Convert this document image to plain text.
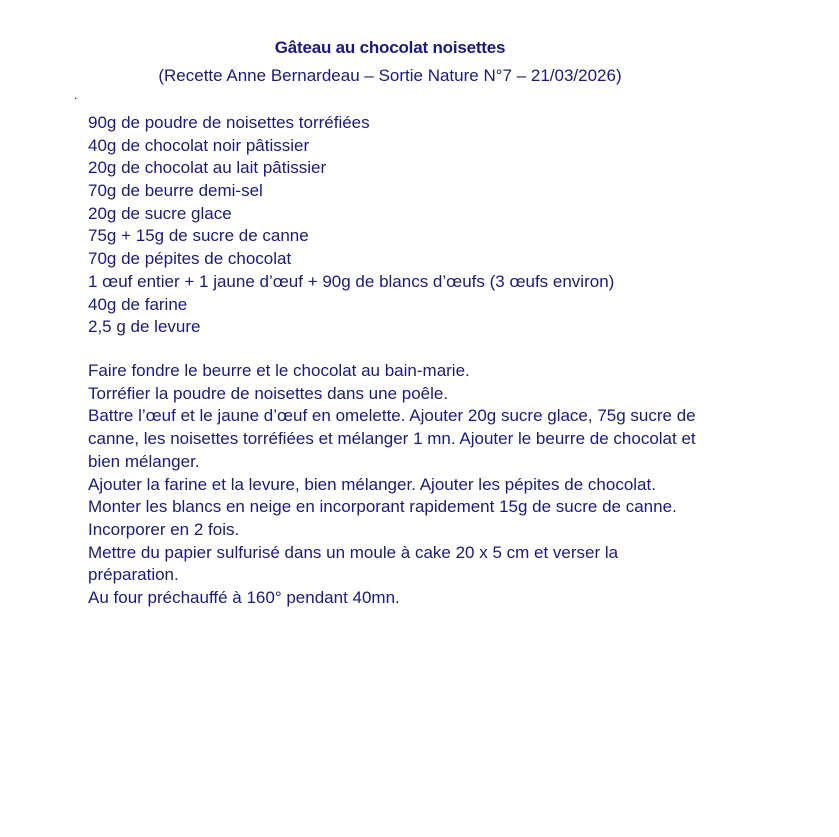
Gâteau au chocolat noisettes
(Recette Anne Bernardeau – Sortie Nature N°7 – 21/03/2026)
.
90g de poudre de noisettes torréfiées
40g de chocolat noir pâtissier
20g de chocolat au lait pâtissier
70g de beurre demi-sel
20g de sucre glace
75g + 15g de sucre de canne
70g de pépites de chocolat
1 œuf entier + 1 jaune d’œuf + 90g de blancs d’œufs (3 œufs environ)
40g de farine
2,5 g de levure

Faire fondre le beurre et le chocolat au bain-marie.

Torréfier la poudre de noisettes dans une poêle.

Battre l’œuf et le jaune d’œuf en omelette. Ajouter 20g sucre glace, 75g sucre de canne, les noisettes torréfiées et mélanger 1 mn. Ajouter le beurre de chocolat et bien mélanger.

Ajouter la farine et la levure, bien mélanger. Ajouter les pépites de chocolat.

Monter les blancs en neige en incorporant rapidement 15g de sucre de canne. Incorporer en 2 fois.

Mettre du papier sulfurisé dans un moule à cake 20 x 5 cm et verser la préparation.

Au four préchauffé à 160° pendant 40mn.
